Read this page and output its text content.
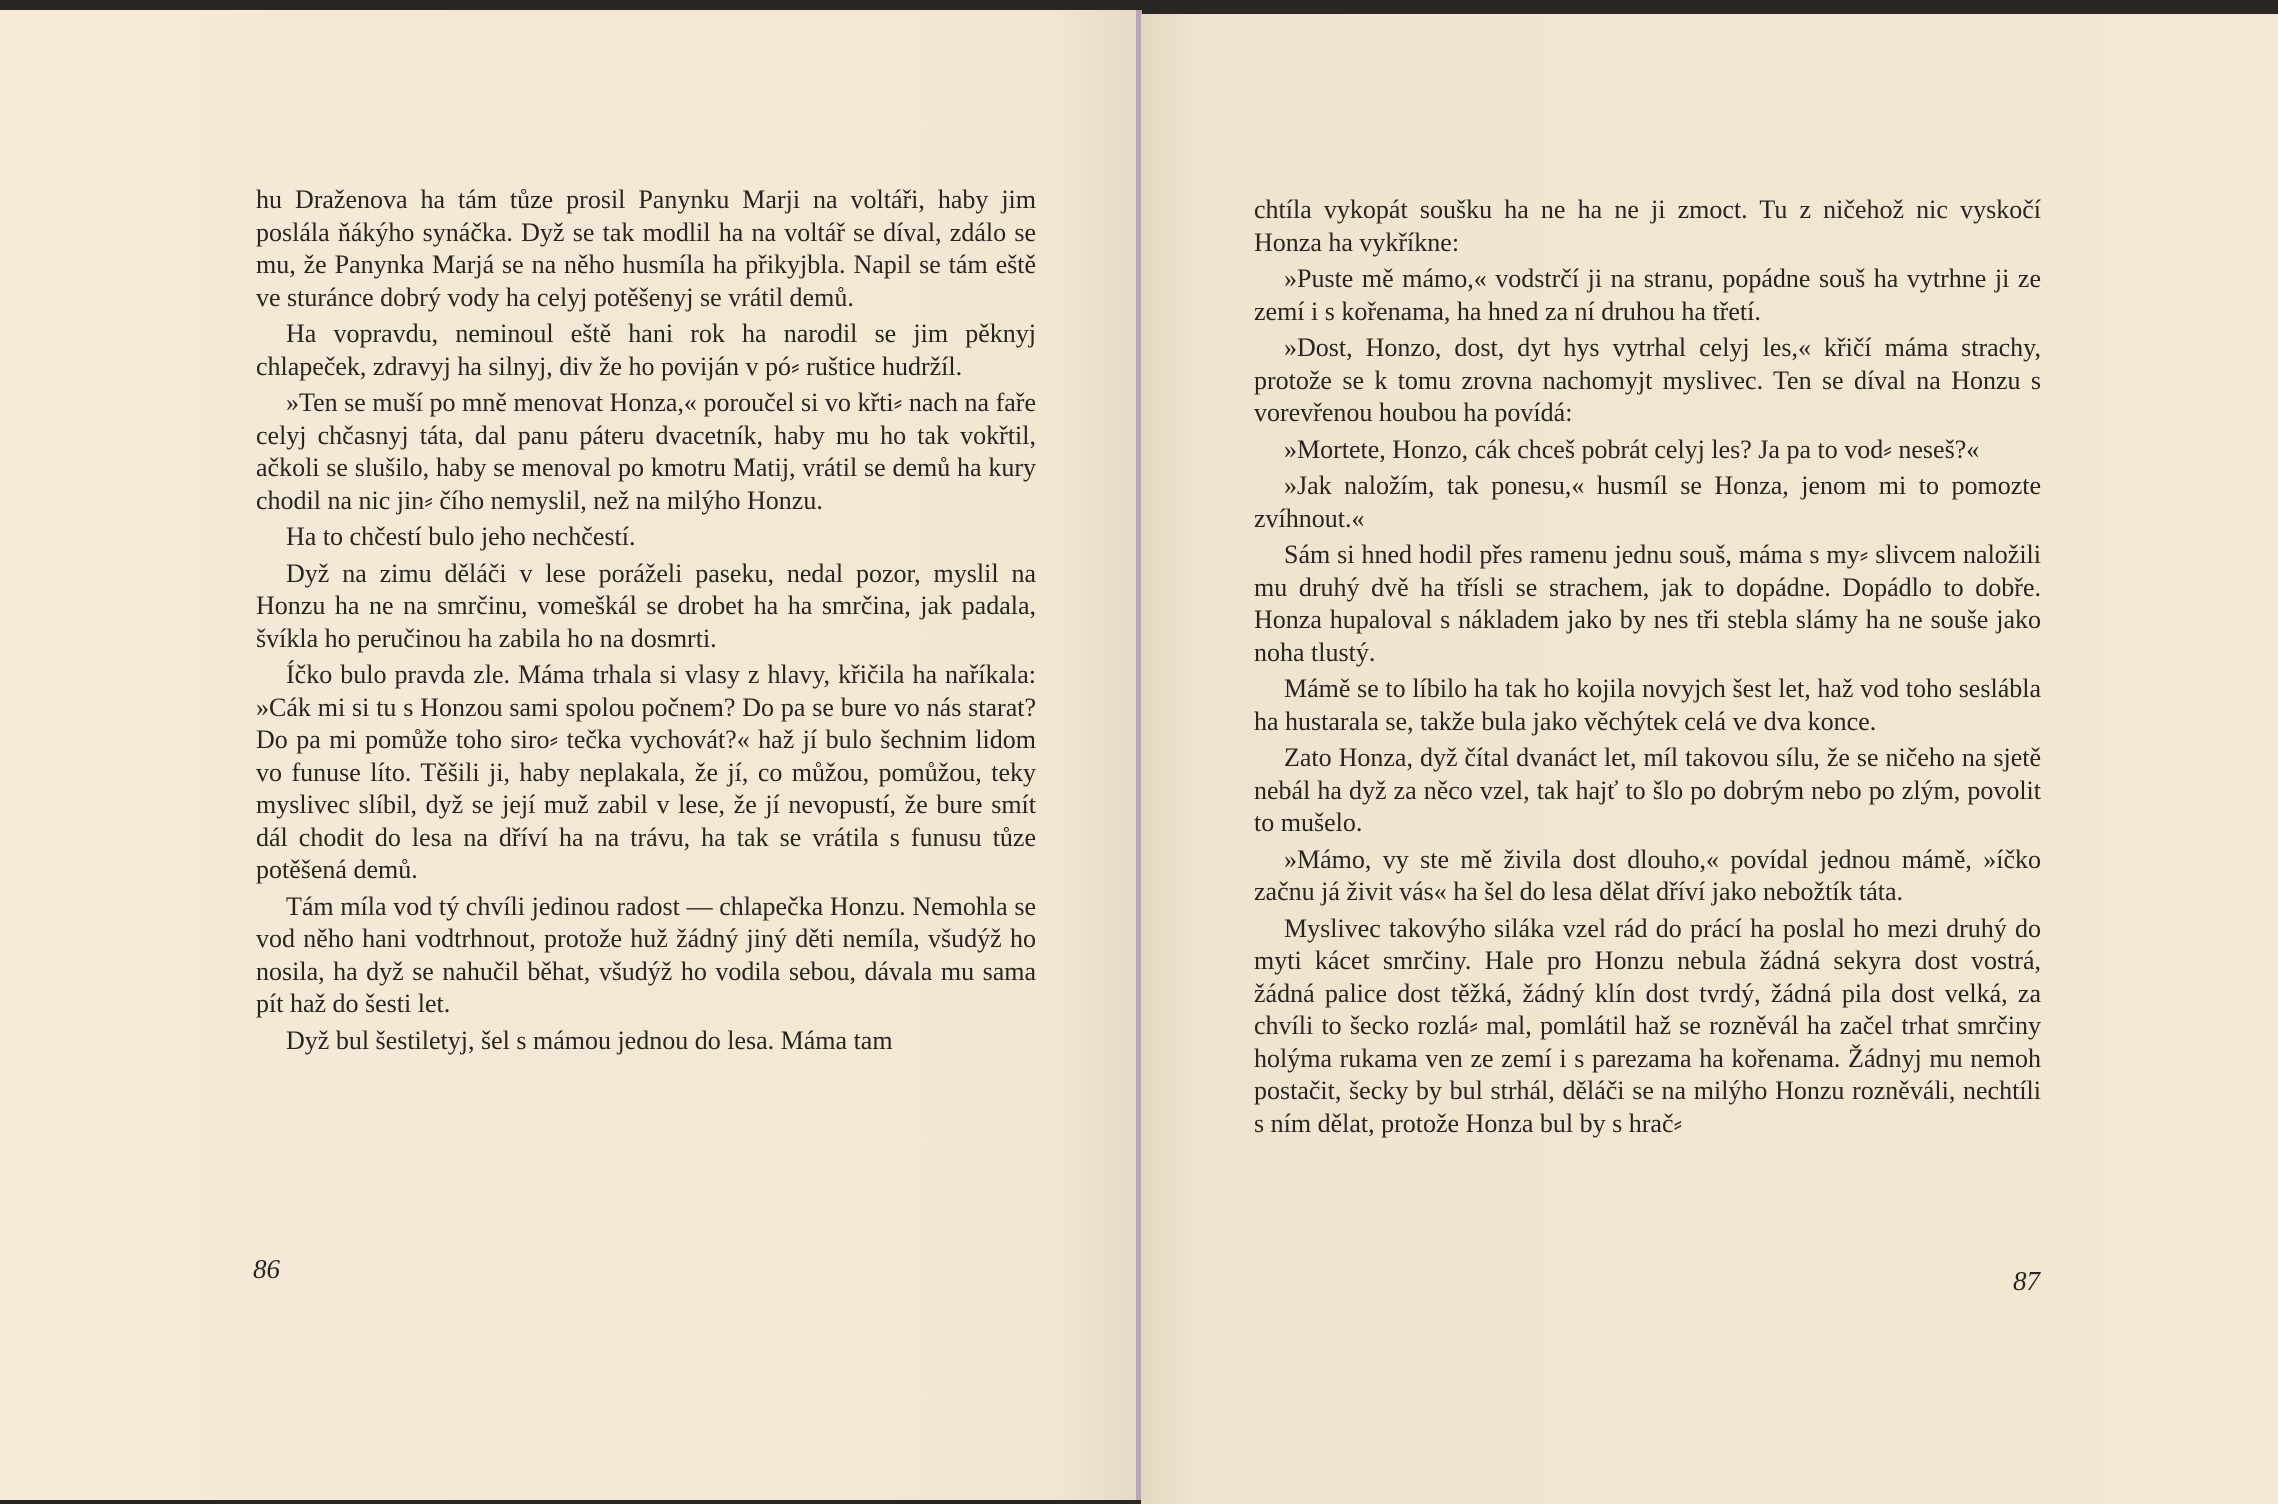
hu Draženova ha tám tůze prosil Panynku Marji na voltáři, haby jim poslála ňákýho synáčka. Dyž se tak modlil ha na voltář se díval, zdálo se mu, že Panynka Marjá se na něho husmíla ha přikyjbla. Napil se tám eště ve sturánce dobrý vody ha celyj potěšenyj se vrátil demů.

Ha vopravdu, neminoul eště hani rok ha narodil se jim pěknyj chlapeček, zdravyj ha silnyj, div že ho poviján v pó⸗ ruštice hudržíl.

»Ten se muší po mně menovat Honza,« poroučel si vo křti⸗ nach na faře celyj chčasnyj táta, dal panu páteru dvacetník, haby mu ho tak vokřtil, ačkoli se slušilo, haby se menoval po kmotru Matij, vrátil se demů ha kury chodil na nic jin⸗ čího nemyslil, než na milýho Honzu.

Ha to chčestí bulo jeho nechčestí.

Dyž na zimu děláči v lese poráželi paseku, nedal pozor, myslil na Honzu ha ne na smrčinu, vomeškál se drobet ha ha smrčina, jak padala, švíkla ho peručinou ha zabila ho na dosmrti.

Íčko bulo pravda zle. Máma trhala si vlasy z hlavy, křičila ha naříkala: »Cák mi si tu s Honzou sami spolou počnem? Do pa se bure vo nás starat? Do pa mi pomůže toho siro⸗ tečka vychovát?« haž jí bulo šechnim lidom vo funuse líto. Těšili ji, haby neplakala, že jí, co můžou, pomůžou, teky myslivec slíbil, dyž se její muž zabil v lese, že jí nevopustí, že bure smít dál chodit do lesa na dříví ha na trávu, ha tak se vrátila s funusu tůze potěšená demů.

Tám míla vod tý chvíli jedinou radost — chlapečka Honzu. Nemohla se vod něho hani vodtrhnout, protože huž žádný jiný děti nemíla, všudýž ho nosila, ha dyž se nahučil běhat, všudýž ho vodila sebou, dávala mu sama pít haž do šesti let.

Dyž bul šestiletyj, šel s mámou jednou do lesa. Máma tam

86

chtíla vykopát soušku ha ne ha ne ji zmoct. Tu z ničehož nic vyskočí Honza ha vykříkne:

»Puste mě mámo,« vodstrčí ji na stranu, popádne souš ha vytrhne ji ze zemí i s kořenama, ha hned za ní druhou ha třetí.

»Dost, Honzo, dost, dyt hys vytrhal celyj les,« křičí máma strachy, protože se k tomu zrovna nachomyjt myslivec. Ten se díval na Honzu s vorevřenou houbou ha povídá:

»Mortete, Honzo, cák chceš pobrát celyj les? Ja pa to vod⸗ neseš?«

»Jak naložím, tak ponesu,« husmíl se Honza, jenom mi to pomozte zvíhnout.«

Sám si hned hodil přes ramenu jednu souš, máma s my⸗ slivcem naložili mu druhý dvě ha třísli se strachem, jak to dopádne. Dopádlo to dobře. Honza hupaloval s nákladem jako by nes tři stebla slámy ha ne souše jako noha tlustý.

Mámě se to líbilo ha tak ho kojila novyjch šest let, haž vod toho seslábla ha hustarala se, takže bula jako věchýtek celá ve dva konce.

Zato Honza, dyž čítal dvanáct let, míl takovou sílu, že se ničeho na sjetě nebál ha dyž za něco vzel, tak hajť to šlo po dobrým nebo po zlým, povolit to mušelo.

»Mámo, vy ste mě živila dost dlouho,« povídal jednou mámě, »íčko začnu já živit vás« ha šel do lesa dělat dříví jako nebožtík táta.

Myslivec takovýho siláka vzel rád do prácí ha poslal ho mezi druhý do myti kácet smrčiny. Hale pro Honzu nebula žádná sekyra dost vostrá, žádná palice dost těžká, žádný klín dost tvrdý, žádná pila dost velká, za chvíli to šecko rozlá⸗ mal, pomlátil haž se rozněvál ha začel trhat smrčiny holýma rukama ven ze zemí i s parezama ha kořenama. Žádnyj mu nemoh postačit, šecky by bul strhál, děláči se na milýho Honzu rozněváli, nechtíli s ním dělat, protože Honza bul by s hrač⸗

87
